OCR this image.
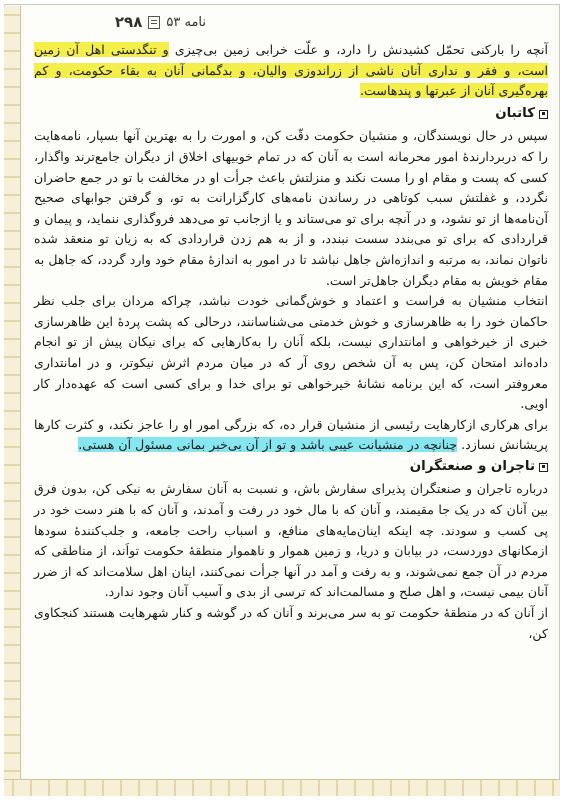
نامه ۵۳
۲۹۸

آنچه را بارکنی تحمّل کشیدنش را دارد، و علّت خرابی زمین بی‌چیزی و تنگدستی اهل آن زمین است، و فقر و نداری آنان ناشی از زراندوزی والیان، و بدگمانی آنان به بقاء حکومت، و کم بهره‌گیری آنان از عبرتها و پندهاست.

کاتبان

سپس در حال نویسندگان، و منشیان حکومت دقّت کن، و امورت را به بهترین آنها بسپار، نامه‌هایت را که دربردارندۀ امور محرمانه است به آنان که در تمام خوبیهای اخلاق از دیگران جامع‌ترند واگذار، کسی که پست و مقام او را مست نکند و منزلتش باعث جرأت او در مخالفت با تو در جمع حاضران نگردد، و غفلتش سبب کوتاهی در رساندن نامه‌های کارگزارانت به تو، و گرفتن جوابهای صحیح آن‌نامه‌ها از تو نشود، و در آنچه برای تو می‌ستاند و یا ازجانب تو می‌دهد فروگذاری ننماید، و پیمان و قراردادی که برای تو می‌بندد سست نبندد، و از به هم زدن قراردادی که به زیان تو منعقد شده ناتوان نماند، به مرتبه و اندازه‌اش جاهل نباشد تا در امور به اندازۀ مقام خود وارد گردد، که جاهل به مقام خویش به مقام دیگران جاهل‌تر است.

انتخاب منشیان به فراست و اعتماد و خوش‌گمانی خودت نباشد، چراکه مردان برای جلب نظر حاکمان خود را به ظاهرسازی و خوش خدمتی می‌شناسانند، درحالی که پشت پردۀ این ظاهرسازی خبری از خیرخواهی و امانتداری نیست، بلکه آنان را به‌کارهایی که برای نیکان پیش از تو انجام داده‌اند امتحان کن، پس به آن شخص روی آر که در میان مردم اثرش نیکوتر، و در امانتداری معروفتر است، که این برنامه نشانۀ خیرخواهی تو برای خدا و برای کسی است که عهده‌دار کار اویی.

برای هرکاری ازکارهایت رئیسی از منشیان قرار ده، که بزرگی امور او را عاجز نکند، و کثرت کارها پریشانش نسازد. چنانچه در منشیانت عیبی باشد و تو از آن بی‌خبر بمانی مسئول آن هستی.

تاجران و صنعتگران

درباره تاجران و صنعتگران پذیرای سفارش باش، و نسبت به آنان سفارش به نیکی کن، بدون فرق بین آنان که در یک جا مقیمند، و آنان که با مال خود در رفت و آمدند، و آنان که با هنر دست خود در پی کسب و سودند. چه اینکه اینان‌مایه‌های منافع، و اسباب راحت جامعه، و جلب‌کنندۀ سودها ازمکانهای دوردست، در بیابان و دریا، و زمین هموار و ناهموار منطقۀ حکومت تواَند، از مناطقی که مردم در آن جمع نمی‌شوند، و به رفت و آمد در آنها جرأت نمی‌کنند، اینان اهل سلامت‌اند که از ضرر آنان بیمی نیست، و اهل صلح و مسالمت‌اند که ترسی از بدی و آسیب آنان وجود ندارد.

از آنان که در منطقۀ حکومت تو به سر می‌برند و آنان که در گوشه و کنار شهرهایت هستند کنجکاوی کن،
